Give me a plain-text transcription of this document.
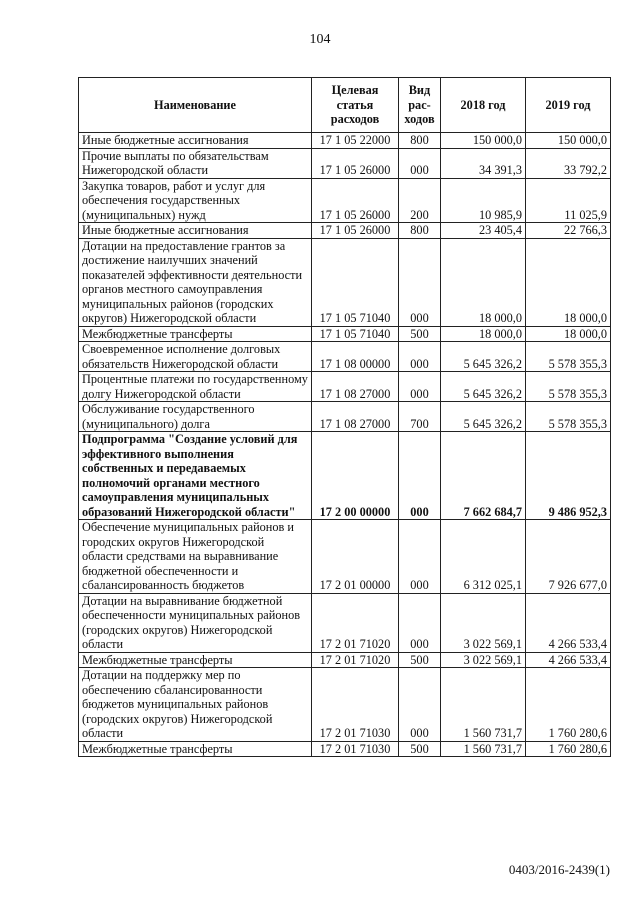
104
Наименование	Целевая статья расходов	Вид рас-ходов	2018 год	2019 год
Иные бюджетные ассигнования	17 1 05 22000	800	150 000,0	150 000,0
Прочие выплаты по обязательствам Нижегородской области	17 1 05 26000	000	34 391,3	33 792,2
Закупка товаров, работ и услуг для обеспечения государственных (муниципальных) нужд	17 1 05 26000	200	10 985,9	11 025,9
Иные бюджетные ассигнования	17 1 05 26000	800	23 405,4	22 766,3
Дотации на предоставление грантов за достижение наилучших значений показателей эффективности деятельности органов местного самоуправления муниципальных районов (городских округов) Нижегородской области	17 1 05 71040	000	18 000,0	18 000,0
Межбюджетные трансферты	17 1 05 71040	500	18 000,0	18 000,0
Своевременное исполнение долговых обязательств Нижегородской области	17 1 08 00000	000	5 645 326,2	5 578 355,3
Процентные платежи по государственному долгу Нижегородской области	17 1 08 27000	000	5 645 326,2	5 578 355,3
Обслуживание государственного (муниципального) долга	17 1 08 27000	700	5 645 326,2	5 578 355,3
Подпрограмма "Создание условий для эффективного выполнения собственных и передаваемых полномочий органами местного самоуправления муниципальных образований Нижегородской области"	17 2 00 00000	000	7 662 684,7	9 486 952,3
Обеспечение муниципальных районов и городских округов Нижегородской области средствами на выравнивание бюджетной обеспеченности и сбалансированность бюджетов	17 2 01 00000	000	6 312 025,1	7 926 677,0
Дотации на выравнивание бюджетной обеспеченности муниципальных районов (городских округов) Нижегородской области	17 2 01 71020	000	3 022 569,1	4 266 533,4
Межбюджетные трансферты	17 2 01 71020	500	3 022 569,1	4 266 533,4
Дотации на поддержку мер по обеспечению сбалансированности бюджетов муниципальных районов (городских округов) Нижегородской области	17 2 01 71030	000	1 560 731,7	1 760 280,6
Межбюджетные трансферты	17 2 01 71030	500	1 560 731,7	1 760 280,6
0403/2016-2439(1)
